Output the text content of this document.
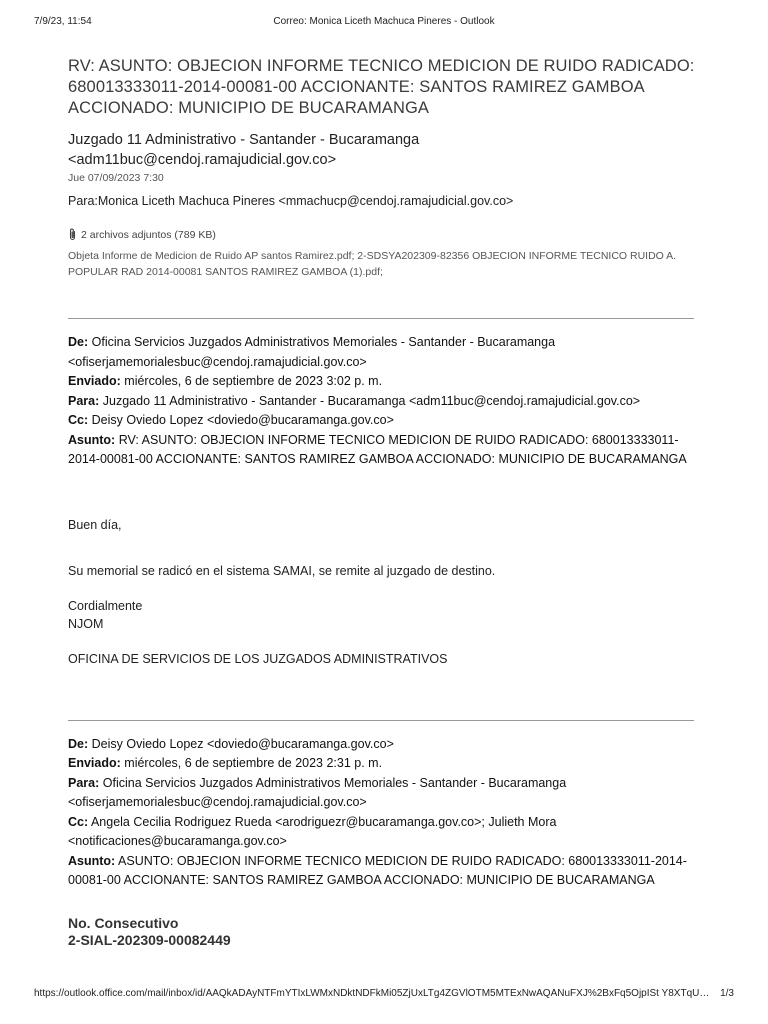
7/9/23, 11:54	Correo: Monica Liceth Machuca Pineres - Outlook
RV: ASUNTO: OBJECION INFORME TECNICO MEDICION DE RUIDO RADICADO: 680013333011-2014-00081-00 ACCIONANTE: SANTOS RAMIREZ GAMBOA ACCIONADO: MUNICIPIO DE BUCARAMANGA
Juzgado 11 Administrativo - Santander - Bucaramanga
<adm11buc@cendoj.ramajudicial.gov.co>
Jue 07/09/2023 7:30
Para:Monica Liceth Machuca Pineres <mmachucp@cendoj.ramajudicial.gov.co>
2 archivos adjuntos (789 KB)
Objeta Informe de Medicion de Ruido AP santos Ramirez.pdf; 2-SDSYA202309-82356 OBJECION INFORME TECNICO RUIDO A. POPULAR RAD 2014-00081 SANTOS RAMIREZ GAMBOA (1).pdf;
De: Oficina Servicios Juzgados Administrativos Memoriales - Santander - Bucaramanga
<ofiserjamemorialesbuc@cendoj.ramajudicial.gov.co>
Enviado: miércoles, 6 de septiembre de 2023 3:02 p. m.
Para: Juzgado 11 Administrativo - Santander - Bucaramanga <adm11buc@cendoj.ramajudicial.gov.co>
Cc: Deisy Oviedo Lopez <doviedo@bucaramanga.gov.co>
Asunto: RV: ASUNTO: OBJECION INFORME TECNICO MEDICION DE RUIDO RADICADO: 680013333011-2014-00081-00 ACCIONANTE: SANTOS RAMIREZ GAMBOA ACCIONADO: MUNICIPIO DE BUCARAMANGA
Buen día,
Su memorial se radicó en el sistema SAMAI, se remite al juzgado de destino.
Cordialmente
NJOM
OFICINA DE SERVICIOS DE LOS JUZGADOS ADMINISTRATIVOS
De: Deisy Oviedo Lopez <doviedo@bucaramanga.gov.co>
Enviado: miércoles, 6 de septiembre de 2023 2:31 p. m.
Para: Oficina Servicios Juzgados Administrativos Memoriales - Santander - Bucaramanga
<ofiserjamemorialesbuc@cendoj.ramajudicial.gov.co>
Cc: Angela Cecilia Rodriguez Rueda <arodriguezr@bucaramanga.gov.co>; Julieth Mora
<notificaciones@bucaramanga.gov.co>
Asunto: ASUNTO: OBJECION INFORME TECNICO MEDICION DE RUIDO RADICADO: 680013333011-2014-00081-00 ACCIONANTE: SANTOS RAMIREZ GAMBOA ACCIONADO: MUNICIPIO DE BUCARAMANGA
No. Consecutivo
2-SIAL-202309-00082449
https://outlook.office.com/mail/inbox/id/AAQkADAyNTFmYTIxLWMxNDktNDFkMi05ZjUxLTg4ZGVlOTM5MTExNwAQANuFXJ%2BxFq5OjpISt Y8XTqU…	1/3
